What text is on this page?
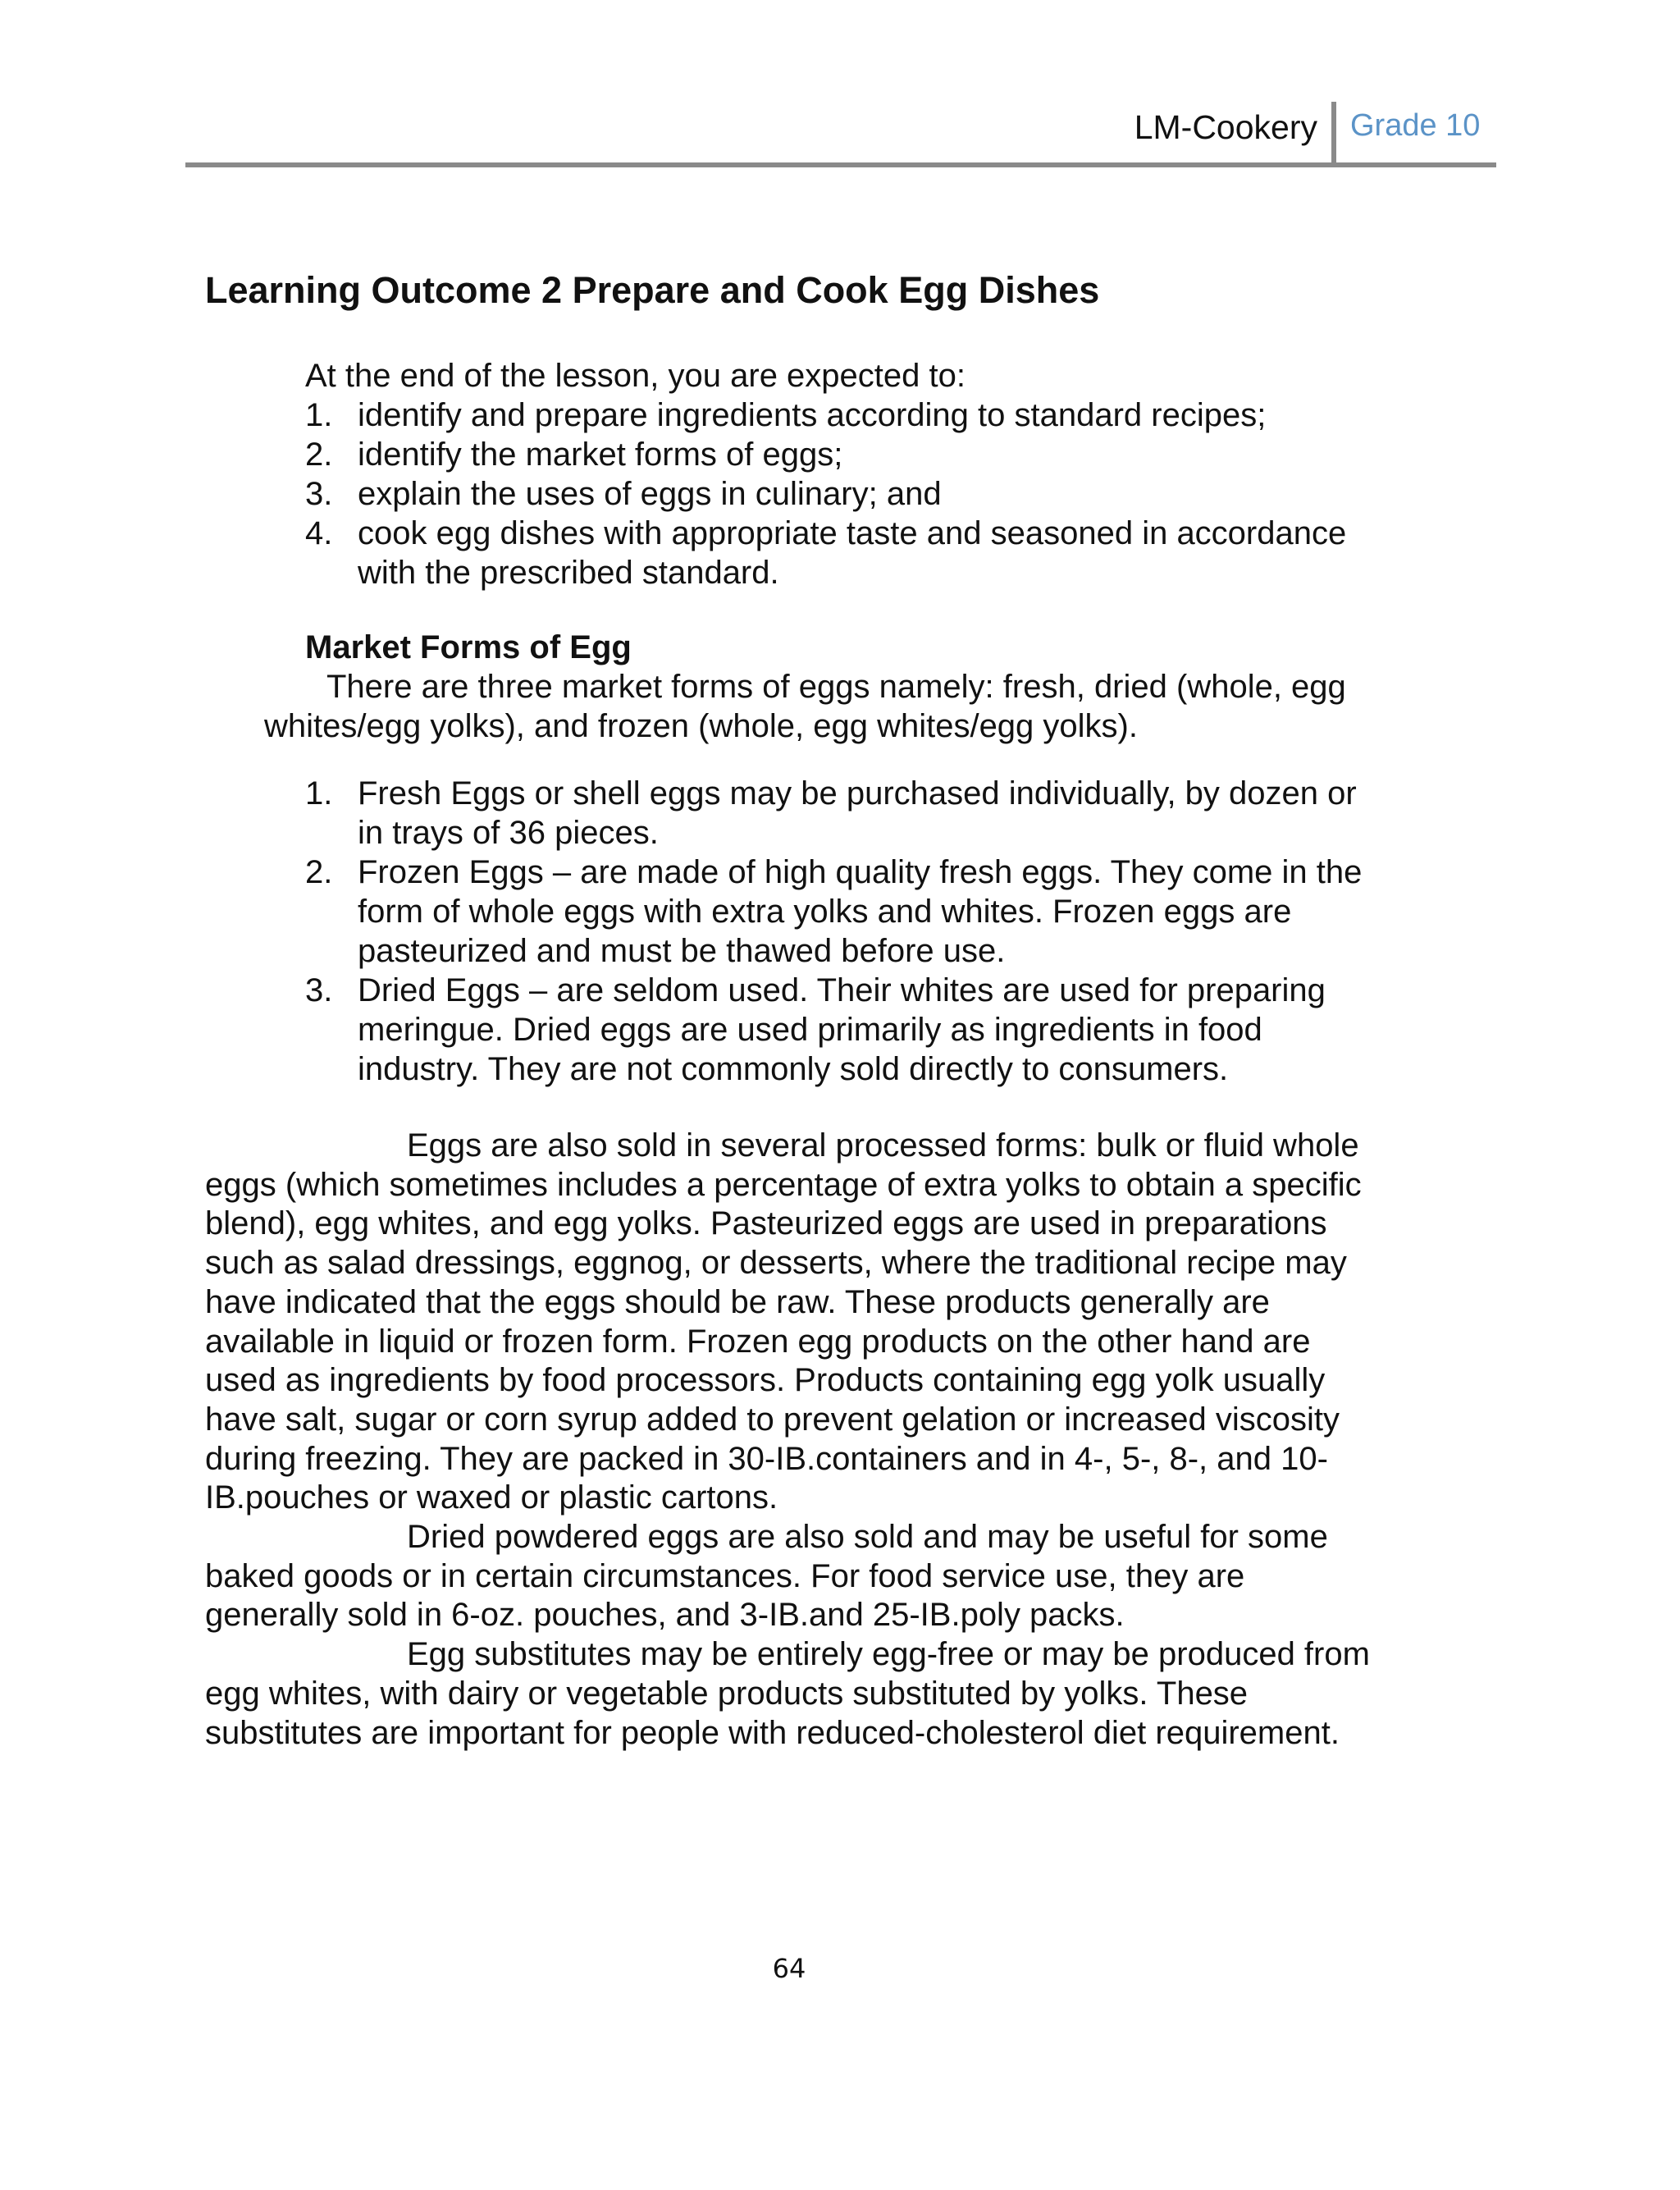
LM-Cookery Grade 10
Learning Outcome 2 Prepare and Cook Egg Dishes
At the end of the lesson, you are expected to:
1. identify and prepare ingredients according to standard recipes;
2. identify the market forms of eggs;
3. explain the uses of eggs in culinary; and
4. cook egg dishes with appropriate taste and seasoned in accordance with the prescribed standard.
Market Forms of Egg

There are three market forms of eggs namely: fresh, dried (whole, egg whites/egg yolks), and frozen (whole, egg whites/egg yolks).

1. Fresh Eggs or shell eggs may be purchased individually, by dozen or in trays of 36 pieces.
2. Frozen Eggs – are made of high quality fresh eggs. They come in the form of whole eggs with extra yolks and whites. Frozen eggs are pasteurized and must be thawed before use.
3. Dried Eggs – are seldom used. Their whites are used for preparing meringue. Dried eggs are used primarily as ingredients in food industry. They are not commonly sold directly to consumers.

Eggs are also sold in several processed forms: bulk or fluid whole eggs (which sometimes includes a percentage of extra yolks to obtain a specific blend), egg whites, and egg yolks. Pasteurized eggs are used in preparations such as salad dressings, eggnog, or desserts, where the traditional recipe may have indicated that the eggs should be raw. These products generally are available in liquid or frozen form. Frozen egg products on the other hand are used as ingredients by food processors. Products containing egg yolk usually have salt, sugar or corn syrup added to prevent gelation or increased viscosity during freezing. They are packed in 30-IB.containers and in 4-, 5-, 8-, and 10-IB.pouches or waxed or plastic cartons.

Dried powdered eggs are also sold and may be useful for some baked goods or in certain circumstances. For food service use, they are generally sold in 6-oz. pouches, and 3-IB.and 25-IB.poly packs.

Egg substitutes may be entirely egg-free or may be produced from egg whites, with dairy or vegetable products substituted by yolks. These substitutes are important for people with reduced-cholesterol diet requirement.

64
